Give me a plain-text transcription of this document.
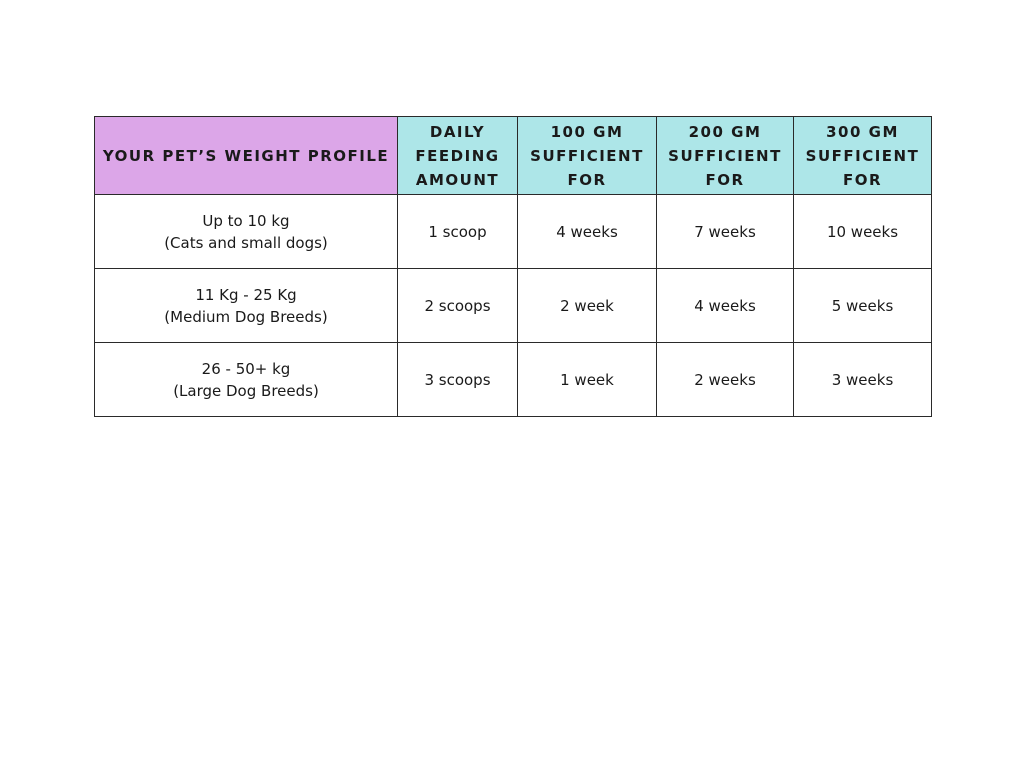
YOUR PET’S WEIGHT PROFILE	DAILY FEEDING AMOUNT	100 GM SUFFICIENT FOR	200 GM SUFFICIENT FOR	300 GM SUFFICIENT FOR

Up to 10 kg
(Cats and small dogs)	1 scoop	4 weeks	7 weeks	10 weeks

11 Kg - 25 Kg
(Medium Dog Breeds)	2 scoops	2 week	4 weeks	5 weeks

26 - 50+ kg
(Large Dog Breeds)	3 scoops	1 week	2 weeks	3 weeks
